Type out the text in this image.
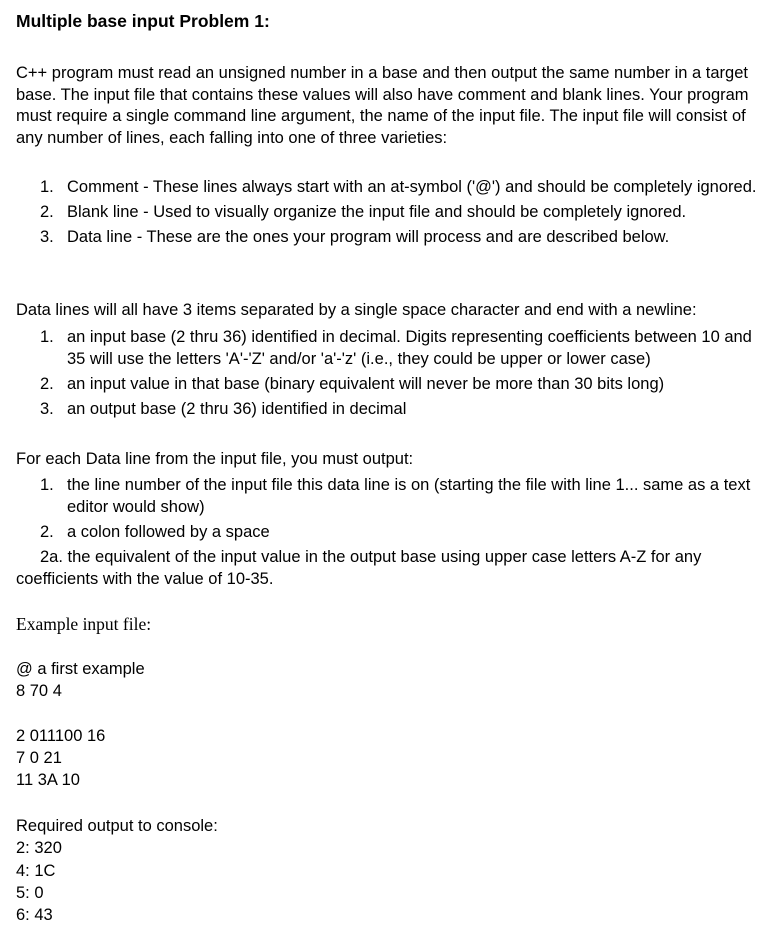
Multiple base input Problem 1:

C++ program must read an unsigned number in a base and then output the same number in a target base. The input file that contains these values will also have comment and blank lines. Your program must require a single command line argument, the name of the input file. The input file will consist of any number of lines, each falling into one of three varieties:

1. Comment - These lines always start with an at-symbol ('@') and should be completely ignored.
2. Blank line - Used to visually organize the input file and should be completely ignored.
3. Data line - These are the ones your program will process and are described below.

Data lines will all have 3 items separated by a single space character and end with a newline:

1. an input base (2 thru 36) identified in decimal. Digits representing coefficients between 10 and 35 will use the letters 'A'-'Z' and/or 'a'-'z' (i.e., they could be upper or lower case)
2. an input value in that base (binary equivalent will never be more than 30 bits long)
3. an output base (2 thru 36) identified in decimal

For each Data line from the input file, you must output:

1. the line number of the input file this data line is on (starting the file with line 1... same as a text editor would show)
2. a colon followed by a space

2a. the equivalent of the input value in the output base using upper case letters A-Z for any coefficients with the value of 10-35.

Example input file:

@ a first example
8 70 4
2 011100 16
7 0 21
11 3A 10
Required output to console:
2: 320
4: 1C
5: 0
6: 43
